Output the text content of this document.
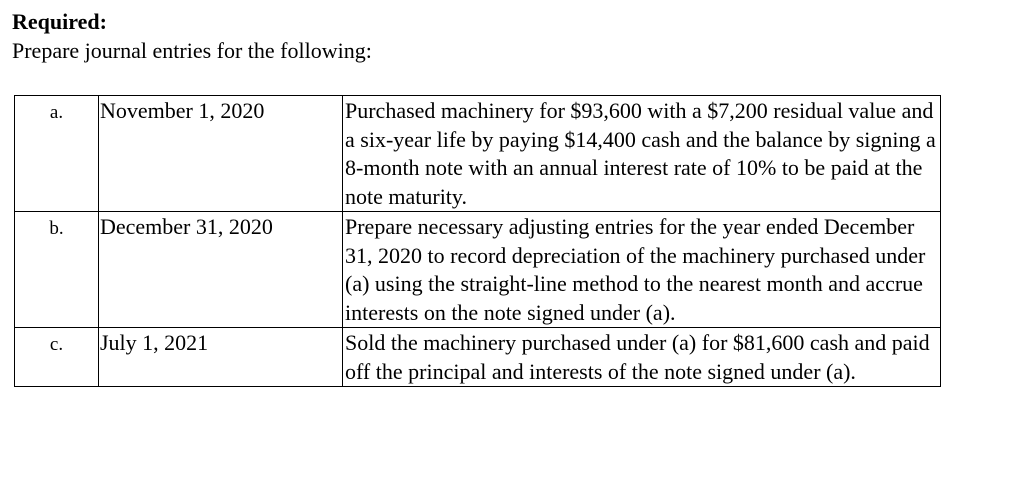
Required:
Prepare journal entries for the following:
a.	November 1, 2020	Purchased machinery for $93,600 with a $7,200 residual value and a six-year life by paying $14,400 cash and the balance by signing a 8-month note with an annual interest rate of 10% to be paid at the note maturity.
b.	December 31, 2020	Prepare necessary adjusting entries for the year ended December 31, 2020 to record depreciation of the machinery purchased under (a) using the straight-line method to the nearest month and accrue interests on the note signed under (a).
c.	July 1, 2021	Sold the machinery purchased under (a) for $81,600 cash and paid off the principal and interests of the note signed under (a).
